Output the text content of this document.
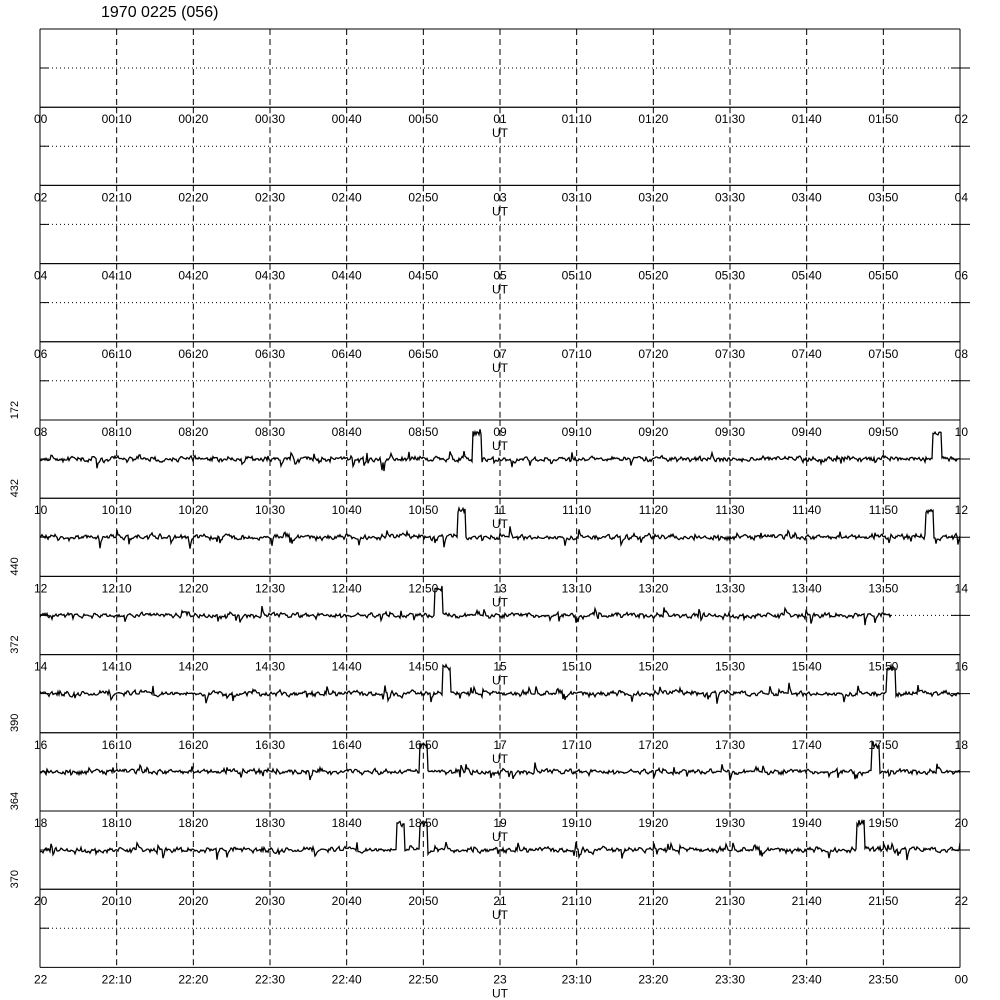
1970 0225 (056)
00	00:10	00:20	00:30	00:40	00:50	01	01:10	01:20	01:30	01:40	01:50	02
UT
02	02:10	02:20	02:30	02:40	02:50	03	03:10	03:20	03:30	03:40	03:50	04
UT
04	04:10	04:20	04:30	04:40	04:50	05	05:10	05:20	05:30	05:40	05:50	06
UT
06	06:10	06:20	06:30	06:40	06:50	07	07:10	07:20	07:30	07:40	07:50	08
UT
08	08:10	08:20	08:30	08:40	08:50	09	09:10	09:20	09:30	09:40	09:50	10
UT
172
10	10:10	10:20	10:30	10:40	10:50	11	11:10	11:20	11:30	11:40	11:50	12
UT
432
12	12:10	12:20	12:30	12:40	12:50	13	13:10	13:20	13:30	13:40	13:50	14
UT
440
14	14:10	14:20	14:30	14:40	14:50	15	15:10	15:20	15:30	15:40	15:50	16
UT
372
16	16:10	16:20	16:30	16:40	16:50	17	17:10	17:20	17:30	17:40	17:50	18
UT
390
18	18:10	18:20	18:30	18:40	18:50	19	19:10	19:20	19:30	19:40	19:50	20
UT
364
20	20:10	20:20	20:30	20:40	20:50	21	21:10	21:20	21:30	21:40	21:50	22
UT
370
22	22:10	22:20	22:30	22:40	22:50	23	23:10	23:20	23:30	23:40	23:50	00
UT
